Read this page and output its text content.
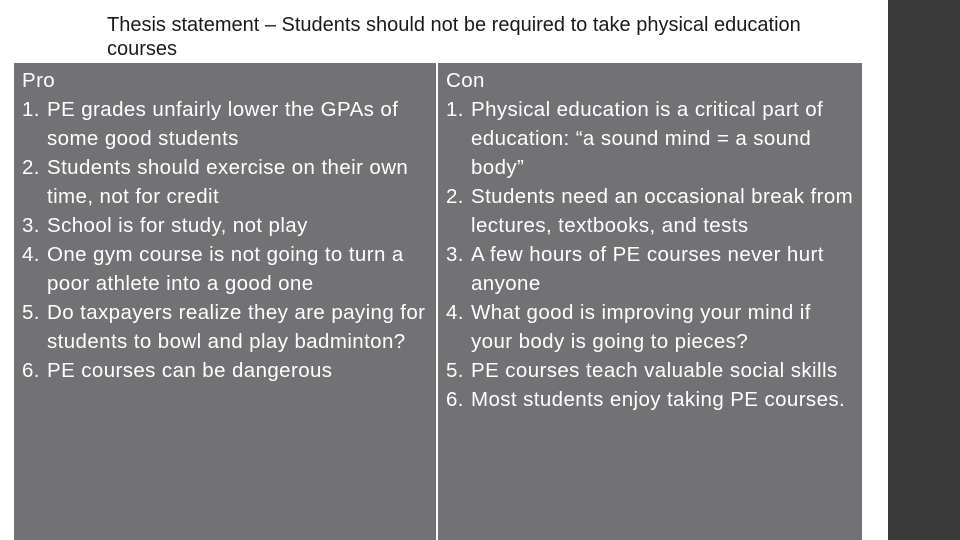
Thesis statement – Students should not be required to take physical education courses
Pro
1. PE grades unfairly lower the GPAs of some good students
2. Students should exercise on their own time, not for credit
3. School is for study, not play
4. One gym course is not going to turn a poor athlete into a good one
5. Do taxpayers realize they are paying for students to bowl and play badminton?
6. PE courses can be dangerous
Con
1. Physical education is a critical part of education: “a sound mind = a sound body”
2. Students need an occasional break from lectures, textbooks, and tests
3. A few hours of PE courses never hurt anyone
4. What good is improving your mind if your body is going to pieces?
5. PE courses teach valuable social skills
6. Most students enjoy taking PE courses.
